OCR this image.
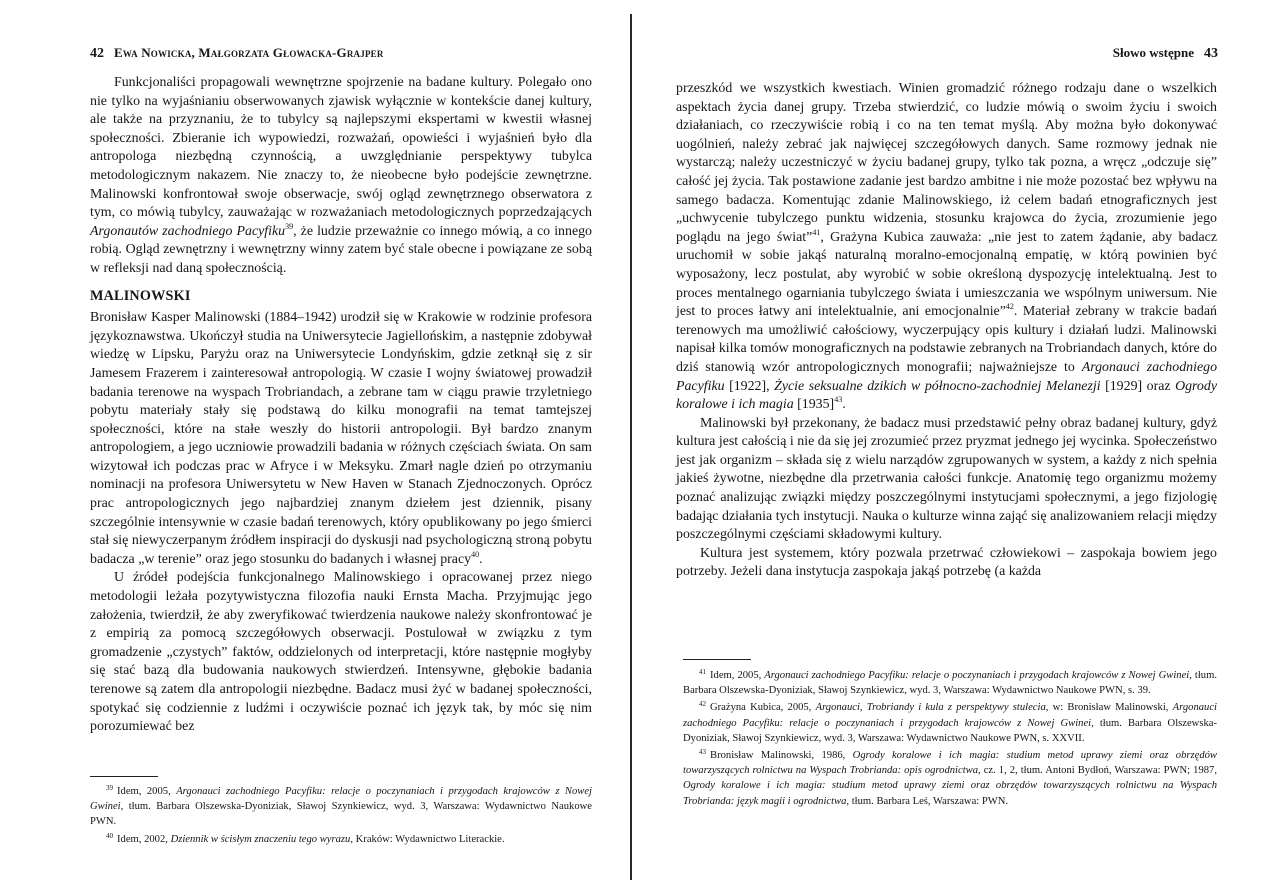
42 Ewa Nowicka, Małgorzata Głowacka-Grajper

Funkcjonaliści propagowali wewnętrzne spojrzenie na badane kultury. Polegało ono nie tylko na wyjaśnianiu obserwowanych zjawisk wyłącznie w kontekście danej kultury, ale także na przyznaniu, że to tubylcy są najlepszymi ekspertami w kwestii własnej społeczności. Zbieranie ich wypowiedzi, rozważań, opowieści i wyjaśnień było dla antropologa niezbędną czynnością, a uwzględnianie perspektywy tubylca metodologicznym nakazem. Nie znaczy to, że nieobecne było podejście zewnętrzne. Malinowski konfrontował swoje obserwacje, swój ogląd zewnętrznego obserwatora z tym, co mówią tubylcy, zauważając w rozważaniach metodologicznych poprzedzających Argonautów zachodniego Pacyfiku$^{39}$, że ludzie przeważnie co innego mówią, a co innego robią. Ogląd zewnętrzny i wewnętrzny winny zatem być stale obecne i powiązane ze sobą w refleksji nad daną społecznością.

MALINOWSKI

Bronisław Kasper Malinowski (1884–1942) urodził się w Krakowie w rodzinie profesora językoznawstwa. Ukończył studia na Uniwersytecie Jagiellońskim, a następnie zdobywał wiedzę w Lipsku, Paryżu oraz na Uniwersytecie Londyńskim, gdzie zetknął się z sir Jamesem Frazerem i zainteresował antropologią. W czasie I wojny światowej prowadził badania terenowe na wyspach Trobriandach, a zebrane tam w ciągu prawie trzyletniego pobytu materiały stały się podstawą do kilku monografii na temat tamtejszej społeczności, które na stałe weszły do historii antropologii. Był bardzo znanym antropologiem, a jego uczniowie prowadzili badania w różnych częściach świata. On sam wizytował ich podczas prac w Afryce i w Meksyku. Zmarł nagle dzień po otrzymaniu nominacji na profesora Uniwersytetu w New Haven w Stanach Zjednoczonych. Oprócz prac antropologicznych jego najbardziej znanym dziełem jest dziennik, pisany szczególnie intensywnie w czasie badań terenowych, który opublikowany po jego śmierci stał się niewyczerpanym źródłem inspiracji do dyskusji nad psychologiczną stroną pobytu badacza „w terenie” oraz jego stosunku do badanych i własnej pracy$^{40}$.

U źródeł podejścia funkcjonalnego Malinowskiego i opracowanej przez niego metodologii leżała pozytywistyczna filozofia nauki Ernsta Macha. Przyjmując jego założenia, twierdził, że aby zweryfikować twierdzenia naukowe należy skonfrontować je z empirią za pomocą szczegółowych obserwacji. Postulował w związku z tym gromadzenie „czystych” faktów, oddzielonych od interpretacji, które następnie mogłyby się stać bazą dla budowania naukowych stwierdzeń. Intensywne, głębokie badania terenowe są zatem dla antropologii niezbędne. Badacz musi żyć w badanej społeczności, spotykać się codziennie z ludźmi i oczywiście poznać ich język tak, by móc się nim porozumiewać bez

$^{39}$ Idem, 2005, Argonauci zachodniego Pacyfiku: relacje o poczynaniach i przygodach krajowców z Nowej Gwinei, tłum. Barbara Olszewska-Dyoniziak, Sławoj Szynkiewicz, wyd. 3, Warszawa: Wydawnictwo Naukowe PWN.

$^{40}$ Idem, 2002, Dziennik w ścisłym znaczeniu tego wyrazu, Kraków: Wydawnictwo Literackie.

Słowo wstępne 43

przeszkód we wszystkich kwestiach. Winien gromadzić różnego rodzaju dane o wszelkich aspektach życia danej grupy. Trzeba stwierdzić, co ludzie mówią o swoim życiu i swoich działaniach, co rzeczywiście robią i co na ten temat myślą. Aby można było dokonywać uogólnień, należy zebrać jak najwięcej szczegółowych danych. Same rozmowy jednak nie wystarczą; należy uczestniczyć w życiu badanej grupy, tylko tak pozna, a wręcz „odczuje się” całość jej życia. Tak postawione zadanie jest bardzo ambitne i nie może pozostać bez wpływu na samego badacza. Komentując zdanie Malinowskiego, iż celem badań etnograficznych jest „uchwycenie tubylczego punktu widzenia, stosunku krajowca do życia, zrozumienie jego poglądu na jego świat”$^{41}$, Grażyna Kubica zauważa: „nie jest to zatem żądanie, aby badacz uruchomił w sobie jakąś naturalną moralno-emocjonalną empatię, w którą powinien być wyposażony, lecz postulat, aby wyrobić w sobie określoną dyspozycję intelektualną. Jest to proces mentalnego ogarniania tubylczego świata i umieszczania we wspólnym uniwersum. Nie jest to proces łatwy ani intelektualnie, ani emocjonalnie”$^{42}$. Materiał zebrany w trakcie badań terenowych ma umożliwić całościowy, wyczerpujący opis kultury i działań ludzi. Malinowski napisał kilka tomów monograficznych na podstawie zebranych na Trobriandach danych, które do dziś stanowią wzór antropologicznych monografii; najważniejsze to Argonauci zachodniego Pacyfiku [1922], Życie seksualne dzikich w północno-zachodniej Melanezji [1929] oraz Ogrody koralowe i ich magia $[1935]^{43}$.

Malinowski był przekonany, że badacz musi przedstawić pełny obraz badanej kultury, gdyż kultura jest całością i nie da się jej zrozumieć przez pryzmat jednego jej wycinka. Społeczeństwo jest jak organizm – składa się z wielu narządów zgrupowanych w system, a każdy z nich spełnia jakieś żywotne, niezbędne dla przetrwania całości funkcje. Anatomię tego organizmu możemy poznać analizując związki między poszczególnymi instytucjami społecznymi, a jego fizjologię badając działania tych instytucji. Nauka o kulturze winna zająć się analizowaniem relacji między poszczególnymi częściami składowymi kultury.

Kultura jest systemem, który pozwala przetrwać człowiekowi – zaspokaja bowiem jego potrzeby. Jeżeli dana instytucja zaspokaja jakąś potrzebę (a każda

$^{41}$ Idem, 2005, Argonauci zachodniego Pacyfiku: relacje o poczynaniach i przygodach krajowców z Nowej Gwinei, tłum. Barbara Olszewska-Dyoniziak, Sławoj Szynkiewicz, wyd. 3, Warszawa: Wydawnictwo Naukowe PWN, s. 39.

$^{42}$ Grażyna Kubica, 2005, Argonauci, Trobriandy i kula z perspektywy stulecia, w: Bronisław Malinowski, Argonauci zachodniego Pacyfiku: relacje o poczynaniach i przygodach krajowców z Nowej Gwinei, tłum. Barbara Olszewska-Dyoniziak, Sławoj Szynkiewicz, wyd. 3, Warszawa: Wydawnictwo Naukowe PWN, s. XXVII.

$^{43}$ Bronisław Malinowski, 1986, Ogrody koralowe i ich magia: studium metod uprawy ziemi oraz obrzędów towarzyszących rolnictwu na Wyspach Trobrianda: opis ogrodnictwa, cz. 1, 2, tłum. Antoni Bydłoń, Warszawa: PWN; 1987, Ogrody koralowe i ich magia: studium metod uprawy ziemi oraz obrzędów towarzyszących rolnictwu na Wyspach Trobrianda: język magii i ogrodnictwa, tłum. Barbara Leś, Warszawa: PWN.
